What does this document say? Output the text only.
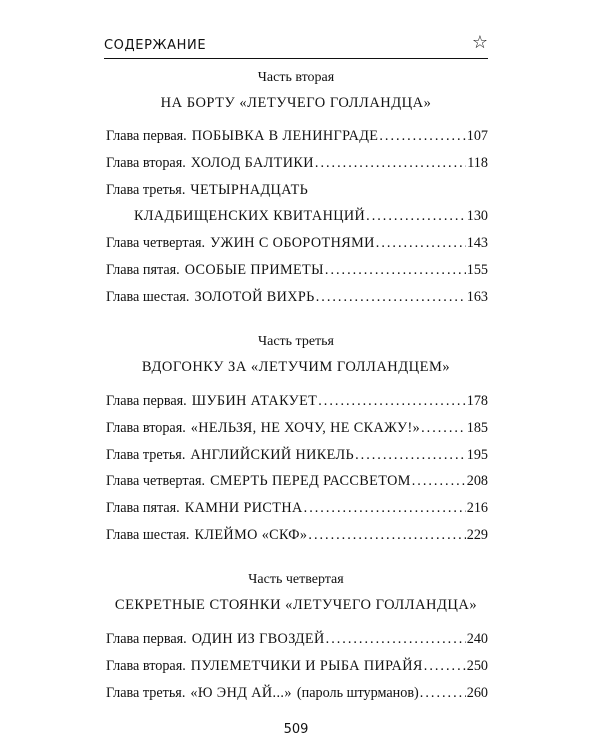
СОДЕРЖАНИЕ	☆
Часть вторая
НА БОРТУ «ЛЕТУЧЕГО ГОЛЛАНДЦА»
Глава первая. ПОБЫВКА В ЛЕНИНГРАДЕ .....	107
Глава вторая. ХОЛОД БАЛТИКИ .....	118
Глава третья. ЧЕТЫРНАДЦАТЬ
КЛАДБИЩЕНСКИХ КВИТАНЦИЙ .....	130
Глава четвертая. УЖИН С ОБОРОТНЯМИ .....	143
Глава пятая. ОСОБЫЕ ПРИМЕТЫ .....	155
Глава шестая. ЗОЛОТОЙ ВИХРЬ .....	163
Часть третья
ВДОГОНКУ ЗА «ЛЕТУЧИМ ГОЛЛАНДЦЕМ»
Глава первая. ШУБИН АТАКУЕТ .....	178
Глава вторая. «НЕЛЬЗЯ, НЕ ХОЧУ, НЕ СКАЖУ!» .....	185
Глава третья. АНГЛИЙСКИЙ НИКЕЛЬ .....	195
Глава четвертая. СМЕРТЬ ПЕРЕД РАССВЕТОМ .....	208
Глава пятая. КАМНИ РИСТНА .....	216
Глава шестая. КЛЕЙМО «СКФ» .....	229
Часть четвертая
СЕКРЕТНЫЕ СТОЯНКИ «ЛЕТУЧЕГО ГОЛЛАНДЦА»
Глава первая. ОДИН ИЗ ГВОЗДЕЙ .....	240
Глава вторая. ПУЛЕМЕТЧИКИ И РЫБА ПИРАЙЯ .....	250
Глава третья. «Ю ЭНД АЙ...» (пароль штурманов) .....	260
509
